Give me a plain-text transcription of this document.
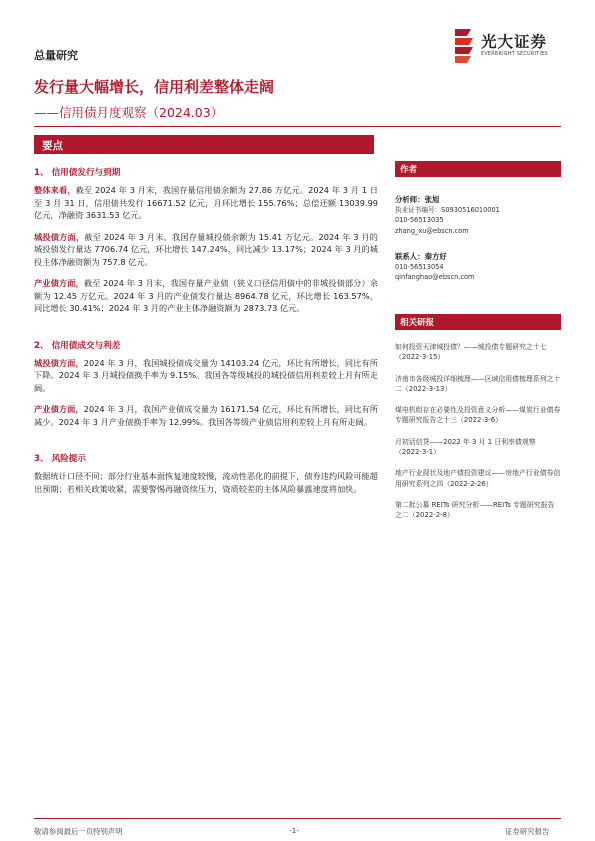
总量研究
光大证券
EVERBRIGHT SECURITIES
发行量大幅增长，信用利差整体走阔
——信用债月度观察（2024.03）
要点
1、 信用债发行与到期

整体来看，截至 2024 年 3 月末，我国存量信用债余额为 27.86 万亿元。2024 年 3 月 1 日至 3 月 31 日，信用债共发行 16671.52 亿元，月环比增长 155.76%；总偿还额 13039.99 亿元，净融资 3631.53 亿元。

城投债方面，截至 2024 年 3 月末，我国存量城投债余额为 15.41 万亿元。2024 年 3 月的城投债发行量达 7706.74 亿元，环比增长 147.24%，同比减少 13.17%；2024 年 3 月的城投主体净融资额为 757.8 亿元。

产业债方面，截至 2024 年 3 月末，我国存量产业债（狭义口径信用债中的非城投债部分）余额为 12.45 万亿元。2024 年 3 月的产业债发行量达 8964.78 亿元，环比增长 163.57%，同比增长 30.41%；2024 年 3 月的产业主体净融资额为 2873.73 亿元。

2、 信用债成交与利差

城投债方面，2024 年 3 月，我国城投债成交量为 14103.24 亿元，环比有所增长，同比有所下降。2024 年 3 月城投债换手率为 9.15%。我国各等级城投的城投债信用利差较上月有所走阔。

产业债方面，2024 年 3 月，我国产业债成交量为 16171.54 亿元，环比有所增长，同比有所减少。2024 年 3 月产业债换手率为 12.99%。我国各等级产业债信用利差较上月有所走阔。

3、 风险提示

数据统计口径不同；部分行业基本面恢复速度较慢，流动性恶化的前提下，债券违约风险可能超出预期；若相关政策收紧，需要警惕再融资续压力，资质较差的主体风险暴露速度将加快。

作者
分析师：张旭
执业证书编号：S0930516010001
010-56513035
zhang_xu@ebscn.com
联系人：秦方好
010-56513054
qinfanghao@ebscn.com
相关研报
如何投资天津城投债？——城投债专题研究之十七（2022-3-15）
济南市各级城投详细梳理——区域信用债梳理系列之十二（2022-3-13）
煤电机组存在必要性及投资意义分析——煤炭行业债券专题研究报告之十三（2022-3-6）
月初话信贷——2022 年 3 月 1 日利率债观察（2022-3-1）
地产行业现状及地产债投资建议——房地产行业债券信用研究系列之四（2022-2-26）
第二批公募 REITs 研究分析——REITs 专题研究报告之二（2022-2-8）
敬请参阅最后一页特别声明	-1-	证券研究报告
